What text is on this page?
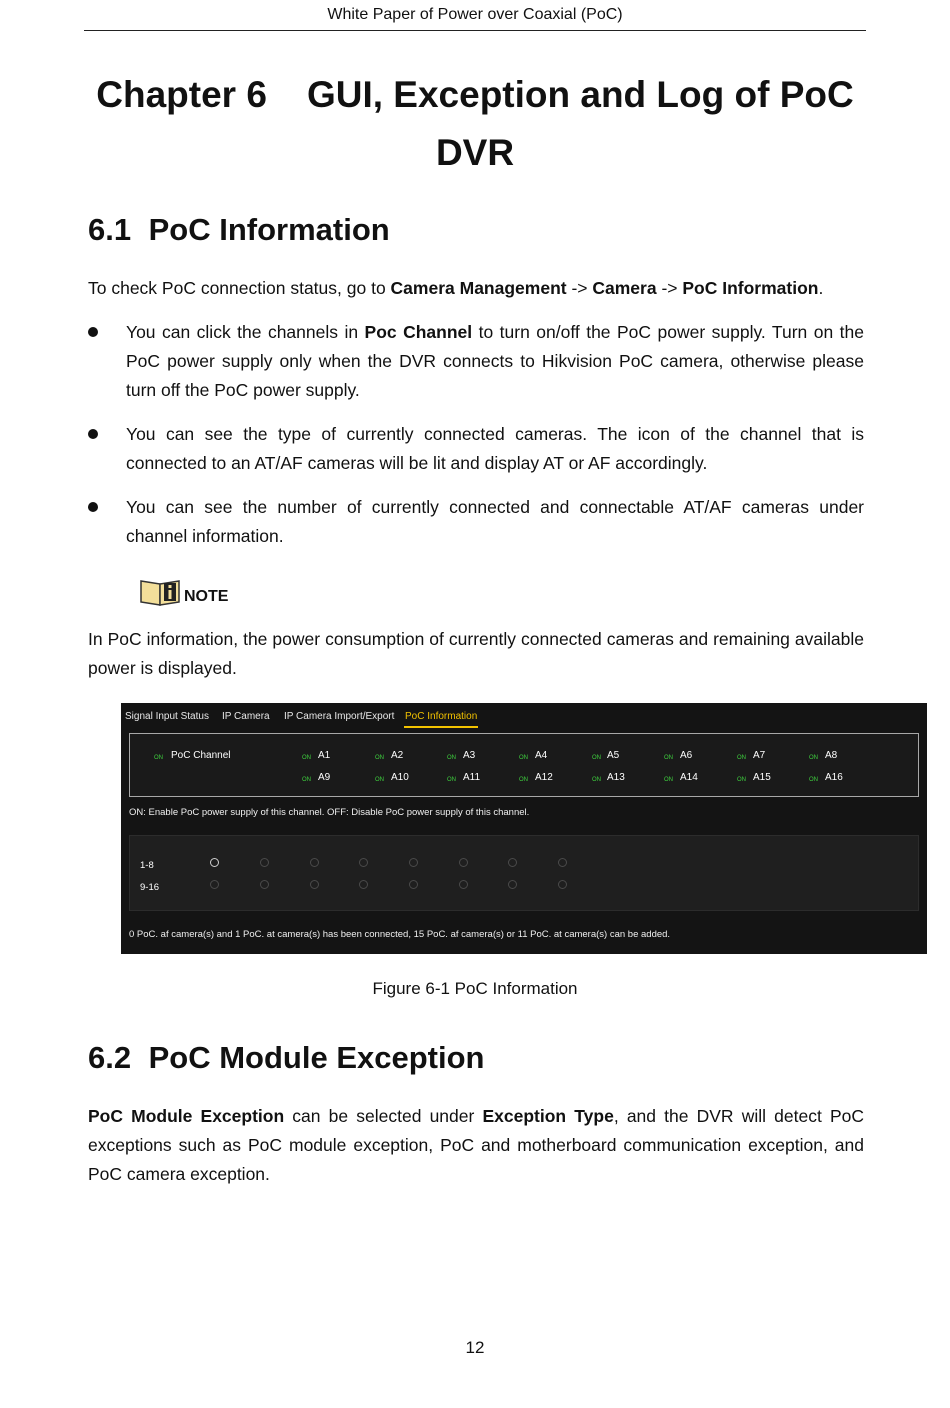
White Paper of Power over Coaxial (PoC)
Chapter 6 GUI, Exception and Log of PoC
DVR
6.1 PoC Information
To check PoC connection status, go to Camera Management -> Camera -> PoC Information.
You can click the channels in Poc Channel to turn on/off the PoC power supply. Turn on the PoC power supply only when the DVR connects to Hikvision PoC camera, otherwise please turn off the PoC power supply.
You can see the type of currently connected cameras. The icon of the channel that is connected to an AT/AF cameras will be lit and display AT or AF accordingly.
You can see the number of currently connected and connectable AT/AF cameras under channel information.
NOTE
In PoC information, the power consumption of currently connected cameras and remaining available power is displayed.
Signal Input Status IP Camera IP Camera Import/Export PoC Information
ON PoC Channel	ON A1	ON A2	ON A3	ON A4	ON A5	ON A6	ON A7	ON A8
ON A9	ON A10	ON A11	ON A12	ON A13	ON A14	ON A15	ON A16
ON: Enable PoC power supply of this channel. OFF: Disable PoC power supply of this channel.
1-8
9-16
0 PoC. af camera(s) and 1 PoC. at camera(s) has been connected, 15 PoC. af camera(s) or 11 PoC. at camera(s) can be added.
Figure 6-1 PoC Information
6.2 PoC Module Exception
PoC Module Exception can be selected under Exception Type, and the DVR will detect PoC exceptions such as PoC module exception, PoC and motherboard communication exception, and PoC camera exception.
12
